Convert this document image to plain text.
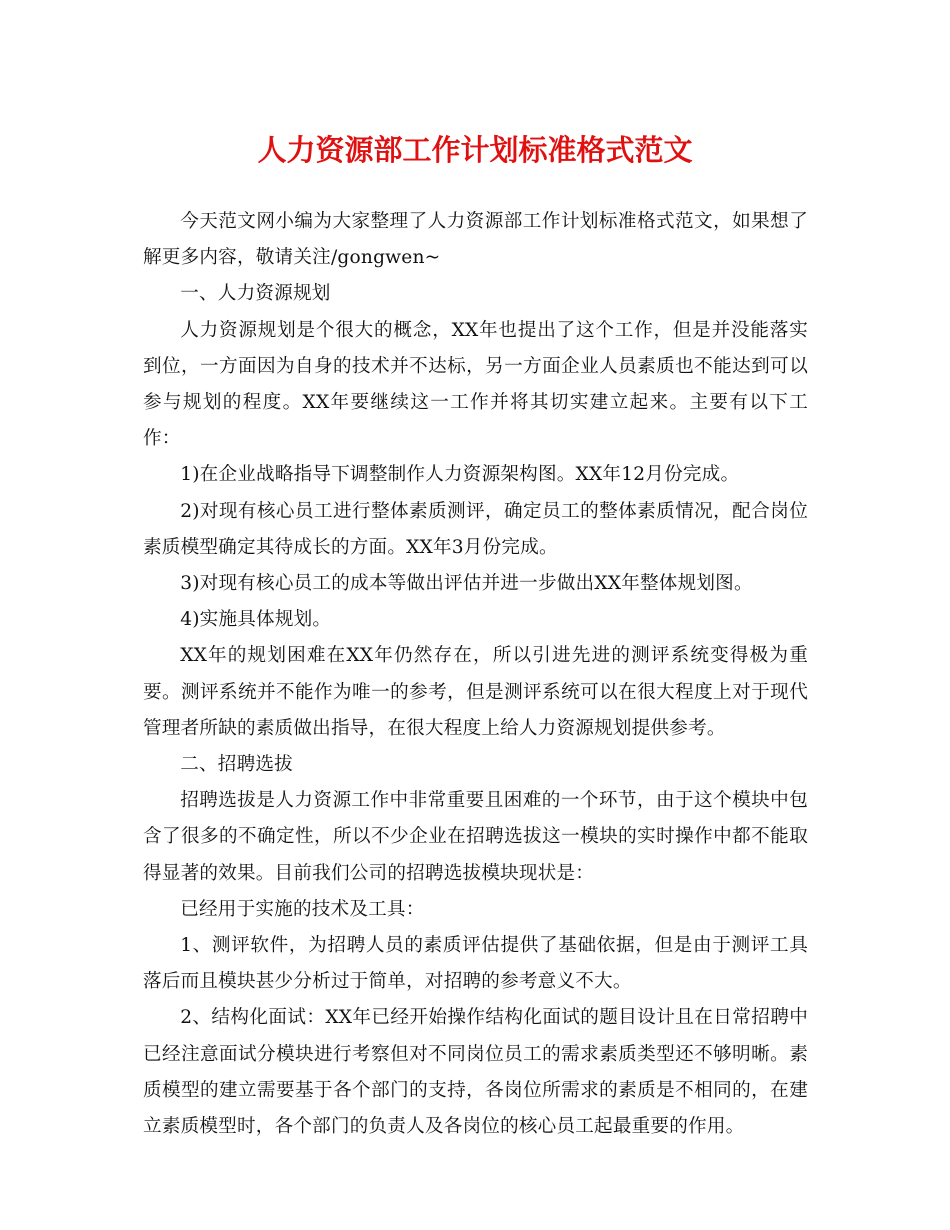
人力资源部工作计划标准格式范文

今天范文网小编为大家整理了人力资源部工作计划标准格式范文，如果想了解更多内容，敬请关注/gongwen~

一、人力资源规划

人力资源规划是个很大的概念，XX年也提出了这个工作，但是并没能落实到位，一方面因为自身的技术并不达标，另一方面企业人员素质也不能达到可以参与规划的程度。XX年要继续这一工作并将其切实建立起来。主要有以下工作：

1)在企业战略指导下调整制作人力资源架构图。XX年12月份完成。

2)对现有核心员工进行整体素质测评，确定员工的整体素质情况，配合岗位素质模型确定其待成长的方面。XX年3月份完成。

3)对现有核心员工的成本等做出评估并进一步做出XX年整体规划图。

4)实施具体规划。

XX年的规划困难在XX年仍然存在，所以引进先进的测评系统变得极为重要。测评系统并不能作为唯一的参考，但是测评系统可以在很大程度上对于现代管理者所缺的素质做出指导，在很大程度上给人力资源规划提供参考。

二、招聘选拔

招聘选拔是人力资源工作中非常重要且困难的一个环节，由于这个模块中包含了很多的不确定性，所以不少企业在招聘选拔这一模块的实时操作中都不能取得显著的效果。目前我们公司的招聘选拔模块现状是：

已经用于实施的技术及工具：

1、测评软件，为招聘人员的素质评估提供了基础依据，但是由于测评工具落后而且模块甚少分析过于简单，对招聘的参考意义不大。

2、结构化面试：XX年已经开始操作结构化面试的题目设计且在日常招聘中已经注意面试分模块进行考察但对不同岗位员工的需求素质类型还不够明晰。素质模型的建立需要基于各个部门的支持，各岗位所需求的素质是不相同的，在建立素质模型时，各个部门的负责人及各岗位的核心员工起最重要的作用。
